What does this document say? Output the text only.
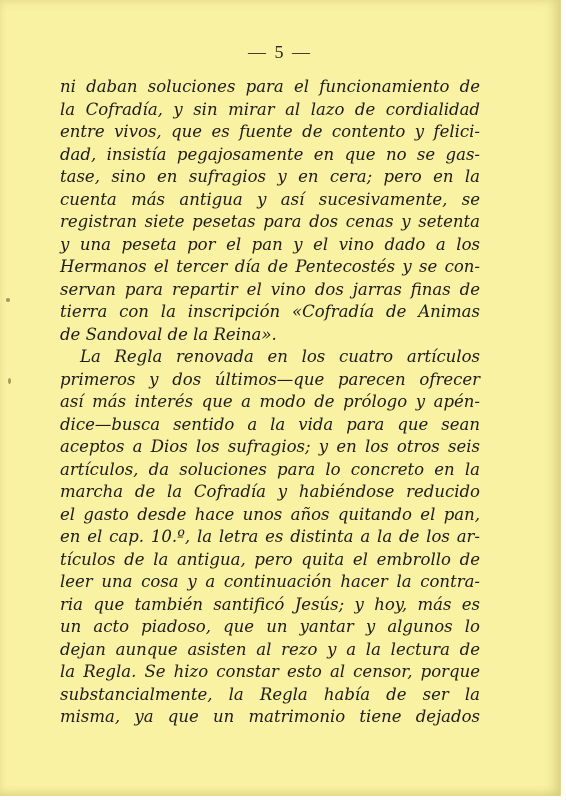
— 5 —
ni daban soluciones para el funcionamiento de
la Cofradía, y sin mirar al lazo de cordialidad
entre vivos, que es fuente de contento y felici-
dad, insistía pegajosamente en que no se gas-
tase, sino en sufragios y en cera; pero en la
cuenta más antigua y así sucesivamente, se
registran siete pesetas para dos cenas y setenta
y una peseta por el pan y el vino dado a los
Hermanos el tercer día de Pentecostés y se con-
servan para repartir el vino dos jarras finas de
tierra con la inscripción «Cofradía de Animas
de Sandoval de la Reina».
La Regla renovada en los cuatro artículos
primeros y dos últimos—que parecen ofrecer
así más interés que a modo de prólogo y apén-
dice—busca sentido a la vida para que sean
aceptos a Dios los sufragios; y en los otros seis
artículos, da soluciones para lo concreto en la
marcha de la Cofradía y habiéndose reducido
el gasto desde hace unos años quitando el pan,
en el cap. 10.º, la letra es distinta a la de los ar-
tículos de la antigua, pero quita el embrollo de
leer una cosa y a continuación hacer la contra-
ria que también santificó Jesús; y hoy, más es
un acto piadoso, que un yantar y algunos lo
dejan aunque asisten al rezo y a la lectura de
la Regla. Se hizo constar esto al censor, porque
substancialmente, la Regla había de ser la
misma, ya que un matrimonio tiene dejados
